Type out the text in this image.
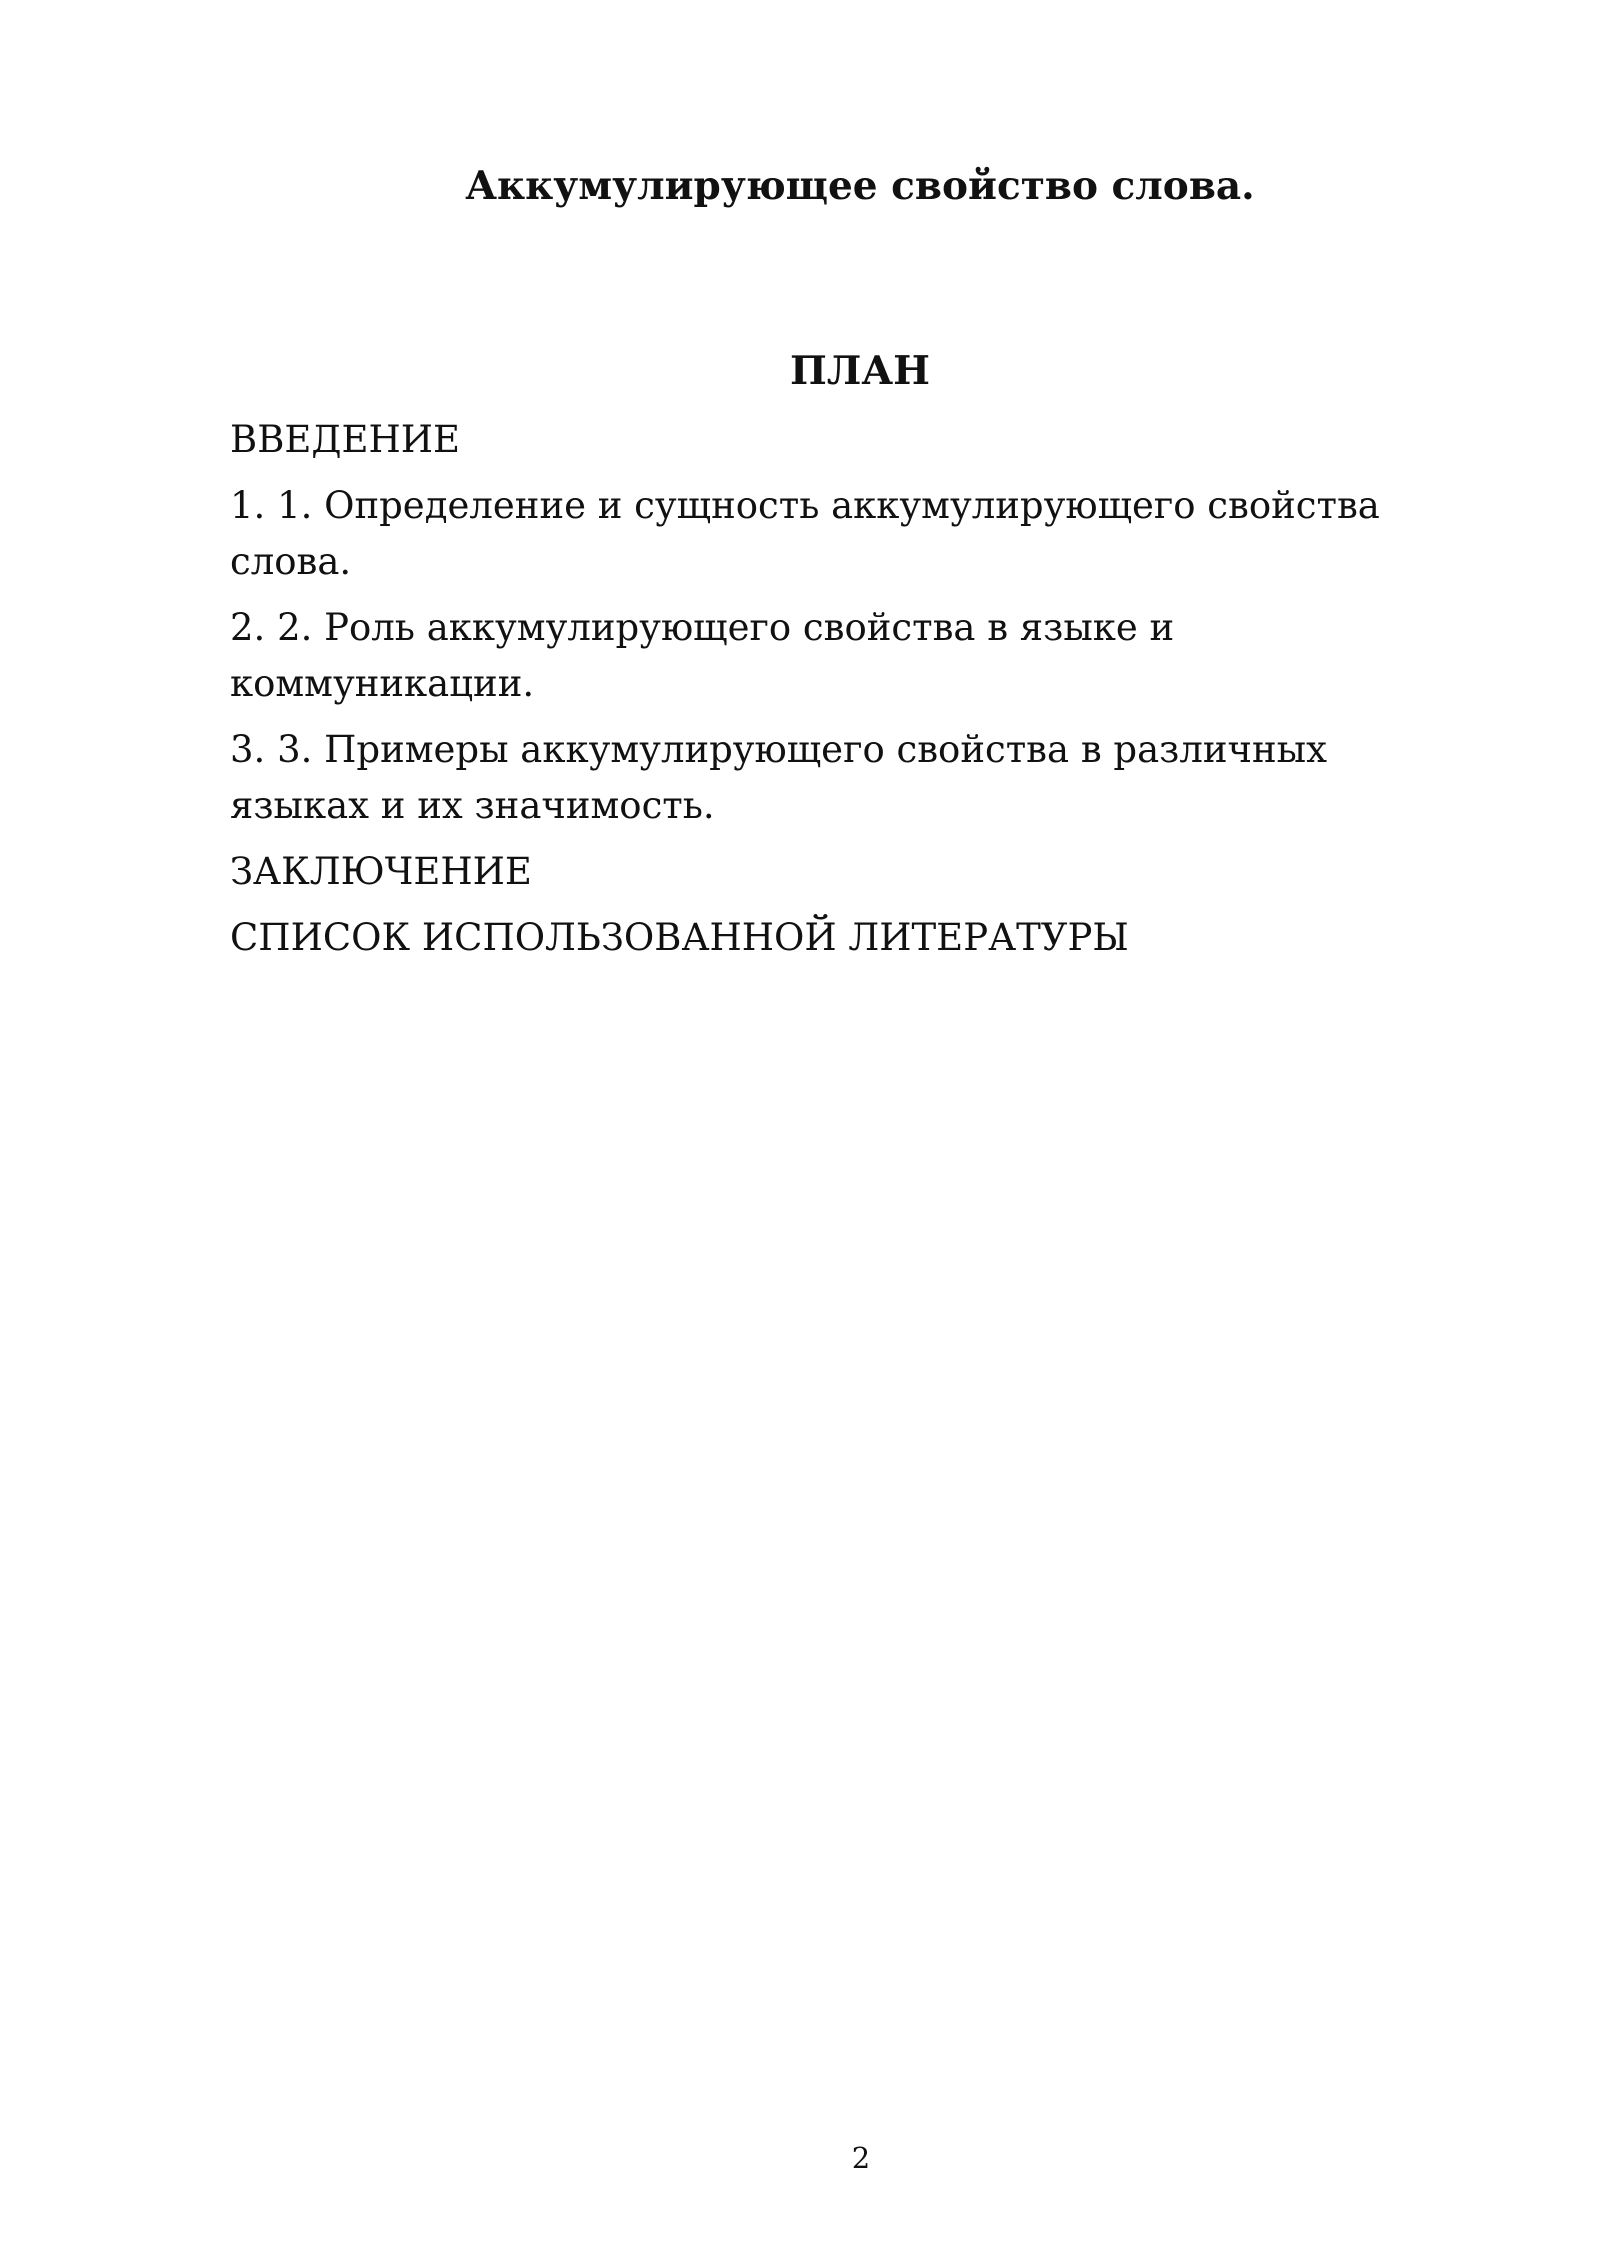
Аккумулирующее свойство слова.
ПЛАН
ВВЕДЕНИЕ
1. 1. Определение и сущность аккумулирующего свойства слова.
2. 2. Роль аккумулирующего свойства в языке и коммуникации.
3. 3. Примеры аккумулирующего свойства в различных языках и их значимость.
ЗАКЛЮЧЕНИЕ
СПИСОК ИСПОЛЬЗОВАННОЙ ЛИТЕРАТУРЫ
2
